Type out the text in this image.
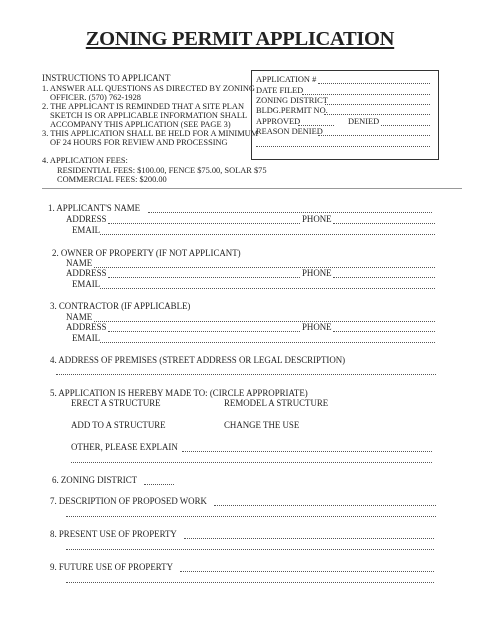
ZONING PERMIT APPLICATION
INSTRUCTIONS TO APPLICANT
1. ANSWER ALL QUESTIONS AS DIRECTED BY ZONING
OFFICER. (570) 762-1928
2. THE APPLICANT IS REMINDED THAT A SITE PLAN
SKETCH IS OR APPLICABLE INFORMATION SHALL
ACCOMPANY THIS APPLICATION (SEE PAGE 3)
3. THIS APPLICATION SHALL BE HELD FOR A MINIMUM
OF 24 HOURS FOR REVIEW AND PROCESSING
4. APPLICATION FEES:
RESIDENTIAL FEES: $100.00, FENCE $75.00, SOLAR $75
COMMERCIAL FEES: $200.00
APPLICATION #
DATE FILED
ZONING DISTRICT
BLDG.PERMIT NO.
APPROVED	DENIED
REASON DENIED
1. APPLICANT'S NAME
ADDRESS	PHONE
EMAIL
2. OWNER OF PROPERTY (IF NOT APPLICANT)
NAME
ADDRESS	PHONE
EMAIL
3. CONTRACTOR (IF APPLICABLE)
NAME
ADDRESS	PHONE
EMAIL
4. ADDRESS OF PREMISES (STREET ADDRESS OR LEGAL DESCRIPTION)
5. APPLICATION IS HEREBY MADE TO: (CIRCLE APPROPRIATE)
ERECT A STRUCTURE	REMODEL A STRUCTURE
ADD TO A STRUCTURE	CHANGE THE USE
OTHER, PLEASE EXPLAIN
6. ZONING DISTRICT
7. DESCRIPTION OF PROPOSED WORK
8. PRESENT USE OF PROPERTY
9. FUTURE USE OF PROPERTY
